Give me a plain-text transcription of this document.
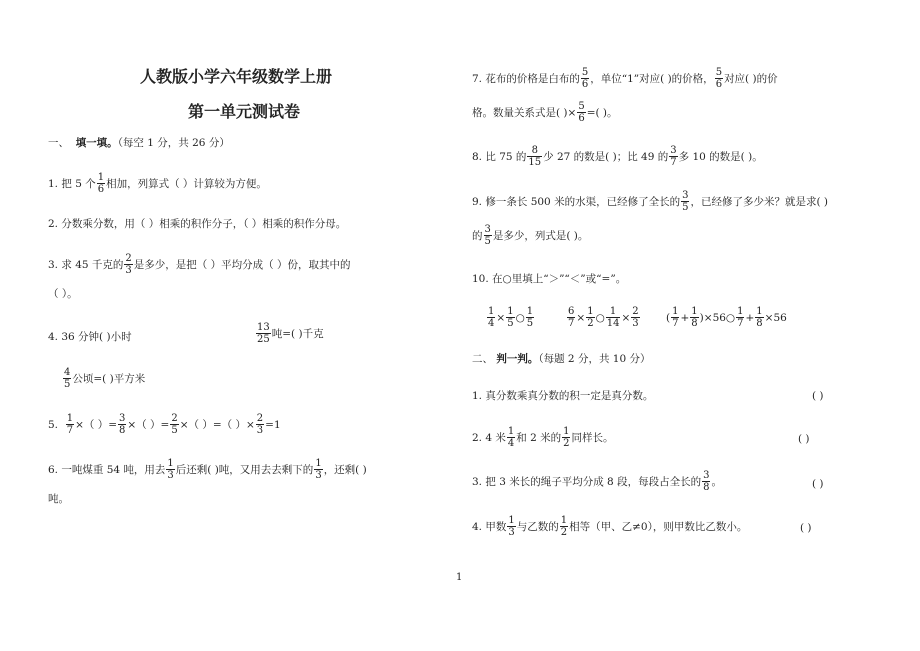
人教版小学六年级数学上册
第一单元测试卷
一、 填一填。（每空 1 分，共 26 分）
1. 把 5 个 1
6 相加，列算式（ ）计算较为方便。
2. 分数乘分数，用（ ）相乘的积作分子，（ ）相乘的积作分母。
3. 求 45 千克的 2
3 是多少，是把（ ）平均分成（ ）份，取其中的
（ ）。
4. 36 分钟( )小时
13
25 吨=( )千克
4
5 公顷=( )平方米
5.
$\frac{1}{7}$ ×（ ）= $\frac{3}{8}$ ×（ ）= $\frac{2}{5}$ ×（ ）=（ ）× $\frac{2}{3} =1$
6. 一吨煤重 54 吨，用去 1
3 后还剩( )吨，又用去去剩下的 1
3 ，还剩( )
吨。
7. 花布的价格是白布的 5
6 ，单位“1”对应( )的价格， 5
6 对应( )的价
格。数量关系式是( )× $\frac{5}{6}$ =( )。
8. 比 75 的 8
15 少 27 的数是( )；比 49 的 3
7 多 10 的数是( )。
9. 修一条长 500 米的水渠，已经修了全长的 3
5 ，已经修了多少米？就是求( )
的 3
5 是多少，列式是( )。
10. 在○里填上“＞”“＜”或“=”。
$\frac{1}{4} \times \frac{1}{5}$ ○ 1
5	$\frac{6}{7} \times \frac{1}{2}$ ○ $\frac{1}{14} \times \frac{2}{3}$	( 1
$7 + \frac{1}{8}$ )×56○ 1
$7 + \frac{1}{8} \times 56$
二、 判一判。（每题 2 分，共 10 分）
1. 真分数乘真分数的积一定是真分数。	( )
2. 4 米 1
4 和 2 米的 1
2 同样长。	( )
3. 把 3 米长的绳子平均分成 8 段，每段占全长的 3
8 。	( )
4. 甲数 1
3 与乙数的 1
2 相等（甲、乙≠0），则甲数比乙数小。	( )
1
